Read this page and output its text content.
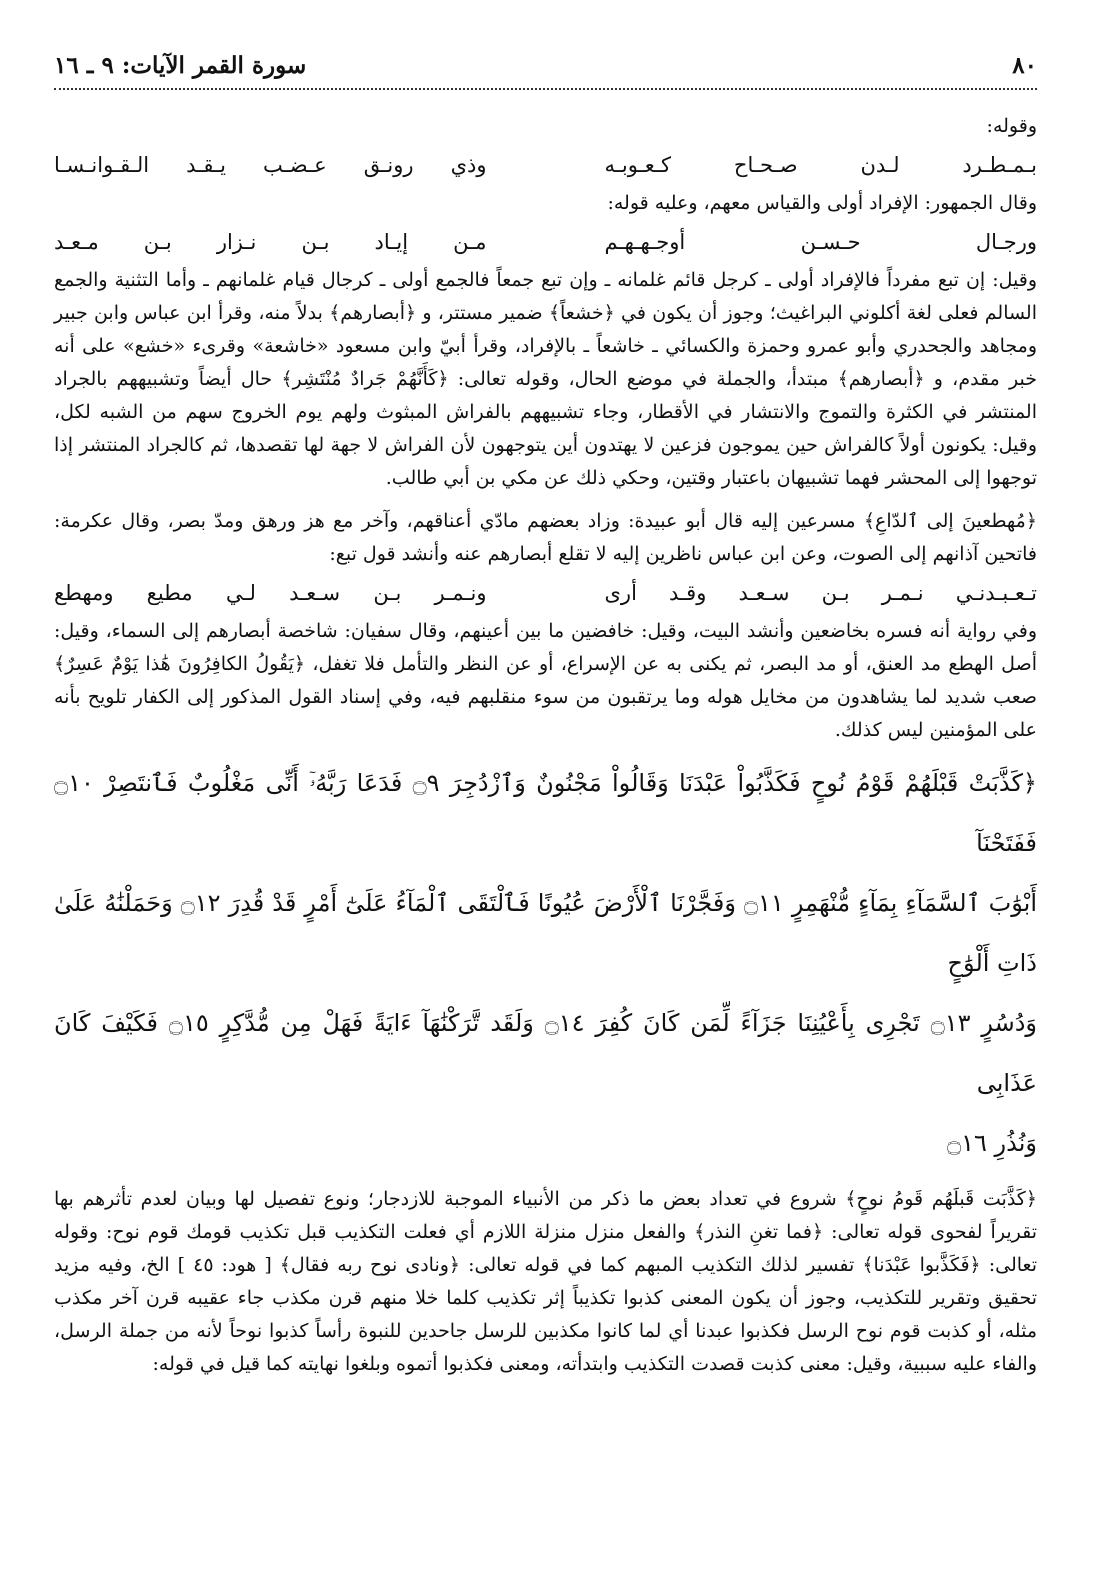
٨٠
سورة القمر الآيات: ٩ ـ ١٦

وقوله:

بـمـطـرد لـدن صـحـاح كـعـوبـه
وذي رونـق عـضـب يـقـد الـقـوانـسـا

وقال الجمهور: الإفراد أولى والقياس معهم، وعليه قوله:

ورجـال حـسـن أوجـهـهـم
مـن إيـاد بـن نـزار بـن مـعـد

وقيل: إن تبع مفرداً فالإفراد أولى ـ كرجل قائم غلمانه ـ وإن تبع جمعاً فالجمع أولى ـ كرجال قيام غلمانهم ـ وأما التثنية والجمع السالم فعلى لغة أكلوني البراغيث؛ وجوز أن يكون في ﴿خشعاً﴾ ضمير مستتر، و ﴿أبصارهم﴾ بدلاً منه، وقرأ ابن عباس وابن جبير ومجاهد والجحدري وأبو عمرو وحمزة والكسائي ـ خاشعاً ـ بالإفراد، وقرأ أبيّ وابن مسعود «خاشعة» وقرىء «خشع» على أنه خبر مقدم، و ﴿أبصارهم﴾ مبتدأ، والجملة في موضع الحال، وقوله تعالى: ﴿كَأَنَّهُمْ جَرادٌ مُنْتَشِر﴾ حال أيضاً وتشبيههم بالجراد المنتشر في الكثرة والتموج والانتشار في الأقطار، وجاء تشبيههم بالفراش المبثوث ولهم يوم الخروج سهم من الشبه لكل، وقيل: يكونون أولاً كالفراش حين يموجون فزعين لا يهتدون أين يتوجهون لأن الفراش لا جهة لها تقصدها، ثم كالجراد المنتشر إذا توجهوا إلى المحشر فهما تشبيهان باعتبار وقتين، وحكي ذلك عن مكي بن أبي طالب.

﴿مُهطعينَ إلى ٱلدّاعِ﴾ مسرعين إليه قال أبو عبيدة: وزاد بعضهم مادّي أعناقهم، وآخر مع هز ورهق ومدّ بصر، وقال عكرمة: فاتحين آذانهم إلى الصوت، وعن ابن عباس ناظرين إليه لا تقلع أبصارهم عنه وأنشد قول تبع:

تـعـبـدنـي نـمـر بـن سـعـد وقـد أرى
ونـمـر بـن سـعـد لـي مطيع ومهطع

وفي رواية أنه فسره بخاضعين وأنشد البيت، وقيل: خافضين ما بين أعينهم، وقال سفيان: شاخصة أبصارهم إلى السماء، وقيل: أصل الهطع مد العنق، أو مد البصر، ثم يكنى به عن الإسراع، أو عن النظر والتأمل فلا تغفل، ﴿يَقُولُ الكافِرُونَ هَٰذا يَوْمٌ عَسِرٌ﴾ صعب شديد لما يشاهدون من مخايل هوله وما يرتقبون من سوء منقلبهم فيه، وفي إسناد القول المذكور إلى الكفار تلويح بأنه على المؤمنين ليس كذلك.

﴿كَذَّبَتْ قَبْلَهُمْ قَوْمُ نُوحٍ فَكَذَّبُواْ عَبْدَنَا وَقَالُواْ مَجْنُونٌ وَٱزْدُجِرَ ۝٩ فَدَعَا رَبَّهُۥٓ أَنِّى مَغْلُوبٌ فَٱنتَصِرْ ۝١٠ فَفَتَحْنَآ

أَبْوَٰبَ ٱلسَّمَآءِ بِمَآءٍ مُّنْهَمِرٍ ۝١١ وَفَجَّرْنَا ٱلْأَرْضَ عُيُونًا فَٱلْتَقَى ٱلْمَآءُ عَلَىٰٓ أَمْرٍ قَدْ قُدِرَ ۝١٢ وَحَمَلْنَٰهُ عَلَىٰ ذَاتِ أَلْوَٰحٍ

وَدُسُرٍ ۝١٣ تَجْرِى بِأَعْيُنِنَا جَزَآءً لِّمَن كَانَ كُفِرَ ۝١٤ وَلَقَد تَّرَكْنَٰهَآ ءَايَةً فَهَلْ مِن مُّدَّكِرٍ ۝١٥ فَكَيْفَ كَانَ عَذَابِى

وَنُذُرِ ۝١٦

﴿كَذَّبَت قَبلَهُم قَومُ نوحٍ﴾ شروع في تعداد بعض ما ذكر من الأنبياء الموجبة للازدجار؛ ونوع تفصيل لها وبيان لعدم تأثرهم بها تقريراً لفحوى قوله تعالى: ﴿فما تغنِ النذر﴾ والفعل منزل منزلة اللازم أي فعلت التكذيب قبل تكذيب قومك قوم نوح: وقوله تعالى: ﴿فَكَذَّبوا عَبْدَنا﴾ تفسير لذلك التكذيب المبهم كما في قوله تعالى: ﴿ونادى نوح ربه فقال﴾ [ هود: ٤٥ ] الخ، وفيه مزيد تحقيق وتقرير للتكذيب، وجوز أن يكون المعنى كذبوا تكذيباً إثر تكذيب كلما خلا منهم قرن مكذب جاء عقيبه قرن آخر مكذب مثله، أو كذبت قوم نوح الرسل فكذبوا عبدنا أي لما كانوا مكذبين للرسل جاحدين للنبوة رأساً كذبوا نوحاً لأنه من جملة الرسل، والفاء عليه سببية، وقيل: معنى كذبت قصدت التكذيب وابتدأته، ومعنى فكذبوا أتموه وبلغوا نهايته كما قيل في قوله:
